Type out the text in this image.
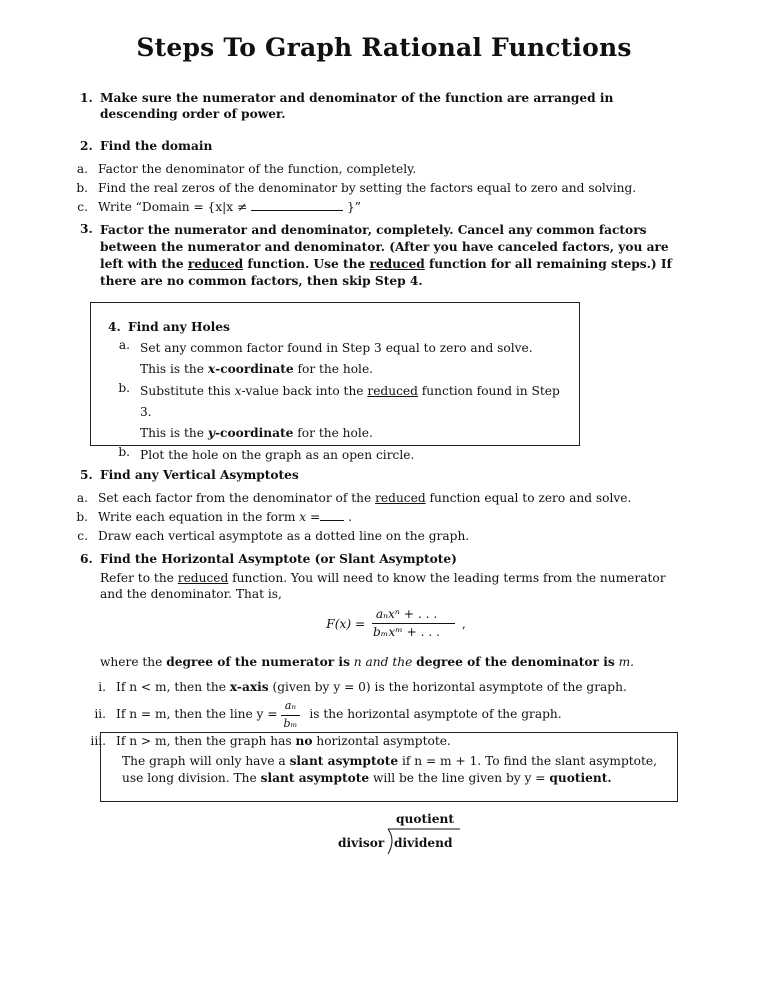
Steps To Graph Rational Functions
1. Make sure the numerator and denominator of the function are arranged in descending order of power.
2. Find the domain
a. Factor the denominator of the function, completely.
b. Find the real zeros of the denominator by setting the factors equal to zero and solving.
c. Write “Domain = {x|x ≠	}”
3. Factor the numerator and denominator, completely. Cancel any common factors between the numerator and denominator. (After you have canceled factors, you are left with the reduced function. Use the reduced function for all remaining steps.) If there are no common factors, then skip Step 4.
4. Find any Holes
a. Set any common factor found in Step 3 equal to zero and solve.
This is the x-coordinate for the hole.
b. Substitute this x-value back into the reduced function found in Step 3.
This is the y-coordinate for the hole.
b. Plot the hole on the graph as an open circle.
5. Find any Vertical Asymptotes
a. Set each factor from the denominator of the reduced function equal to zero and solve.
b. Write each equation in the form x = .
c. Draw each vertical asymptote as a dotted line on the graph.
6. Find the Horizontal Asymptote (or Slant Asymptote)
Refer to the reduced function. You will need to know the leading terms from the numerator and the denominator. That is,
$F(x) = \frac{\text{aₙxⁿ + . . .}}{\text{bₘxᵐ + . . .}}$ ,
where the degree of the numerator is n and the degree of the denominator is m.
i. If n < m, then the x-axis (given by y = 0) is the horizontal asymptote of the graph.
ii. If n = m, then the line $y = \frac{\text{aₙ}}{\text{bₘ}}$ is the horizontal asymptote of the graph.
iii. If n > m, then the graph has no horizontal asymptote.
The graph will only have a slant asymptote if n = m + 1. To find the slant asymptote, use long division. The slant asymptote will be the line given by y = quotient.
quotient
divisor dividend
